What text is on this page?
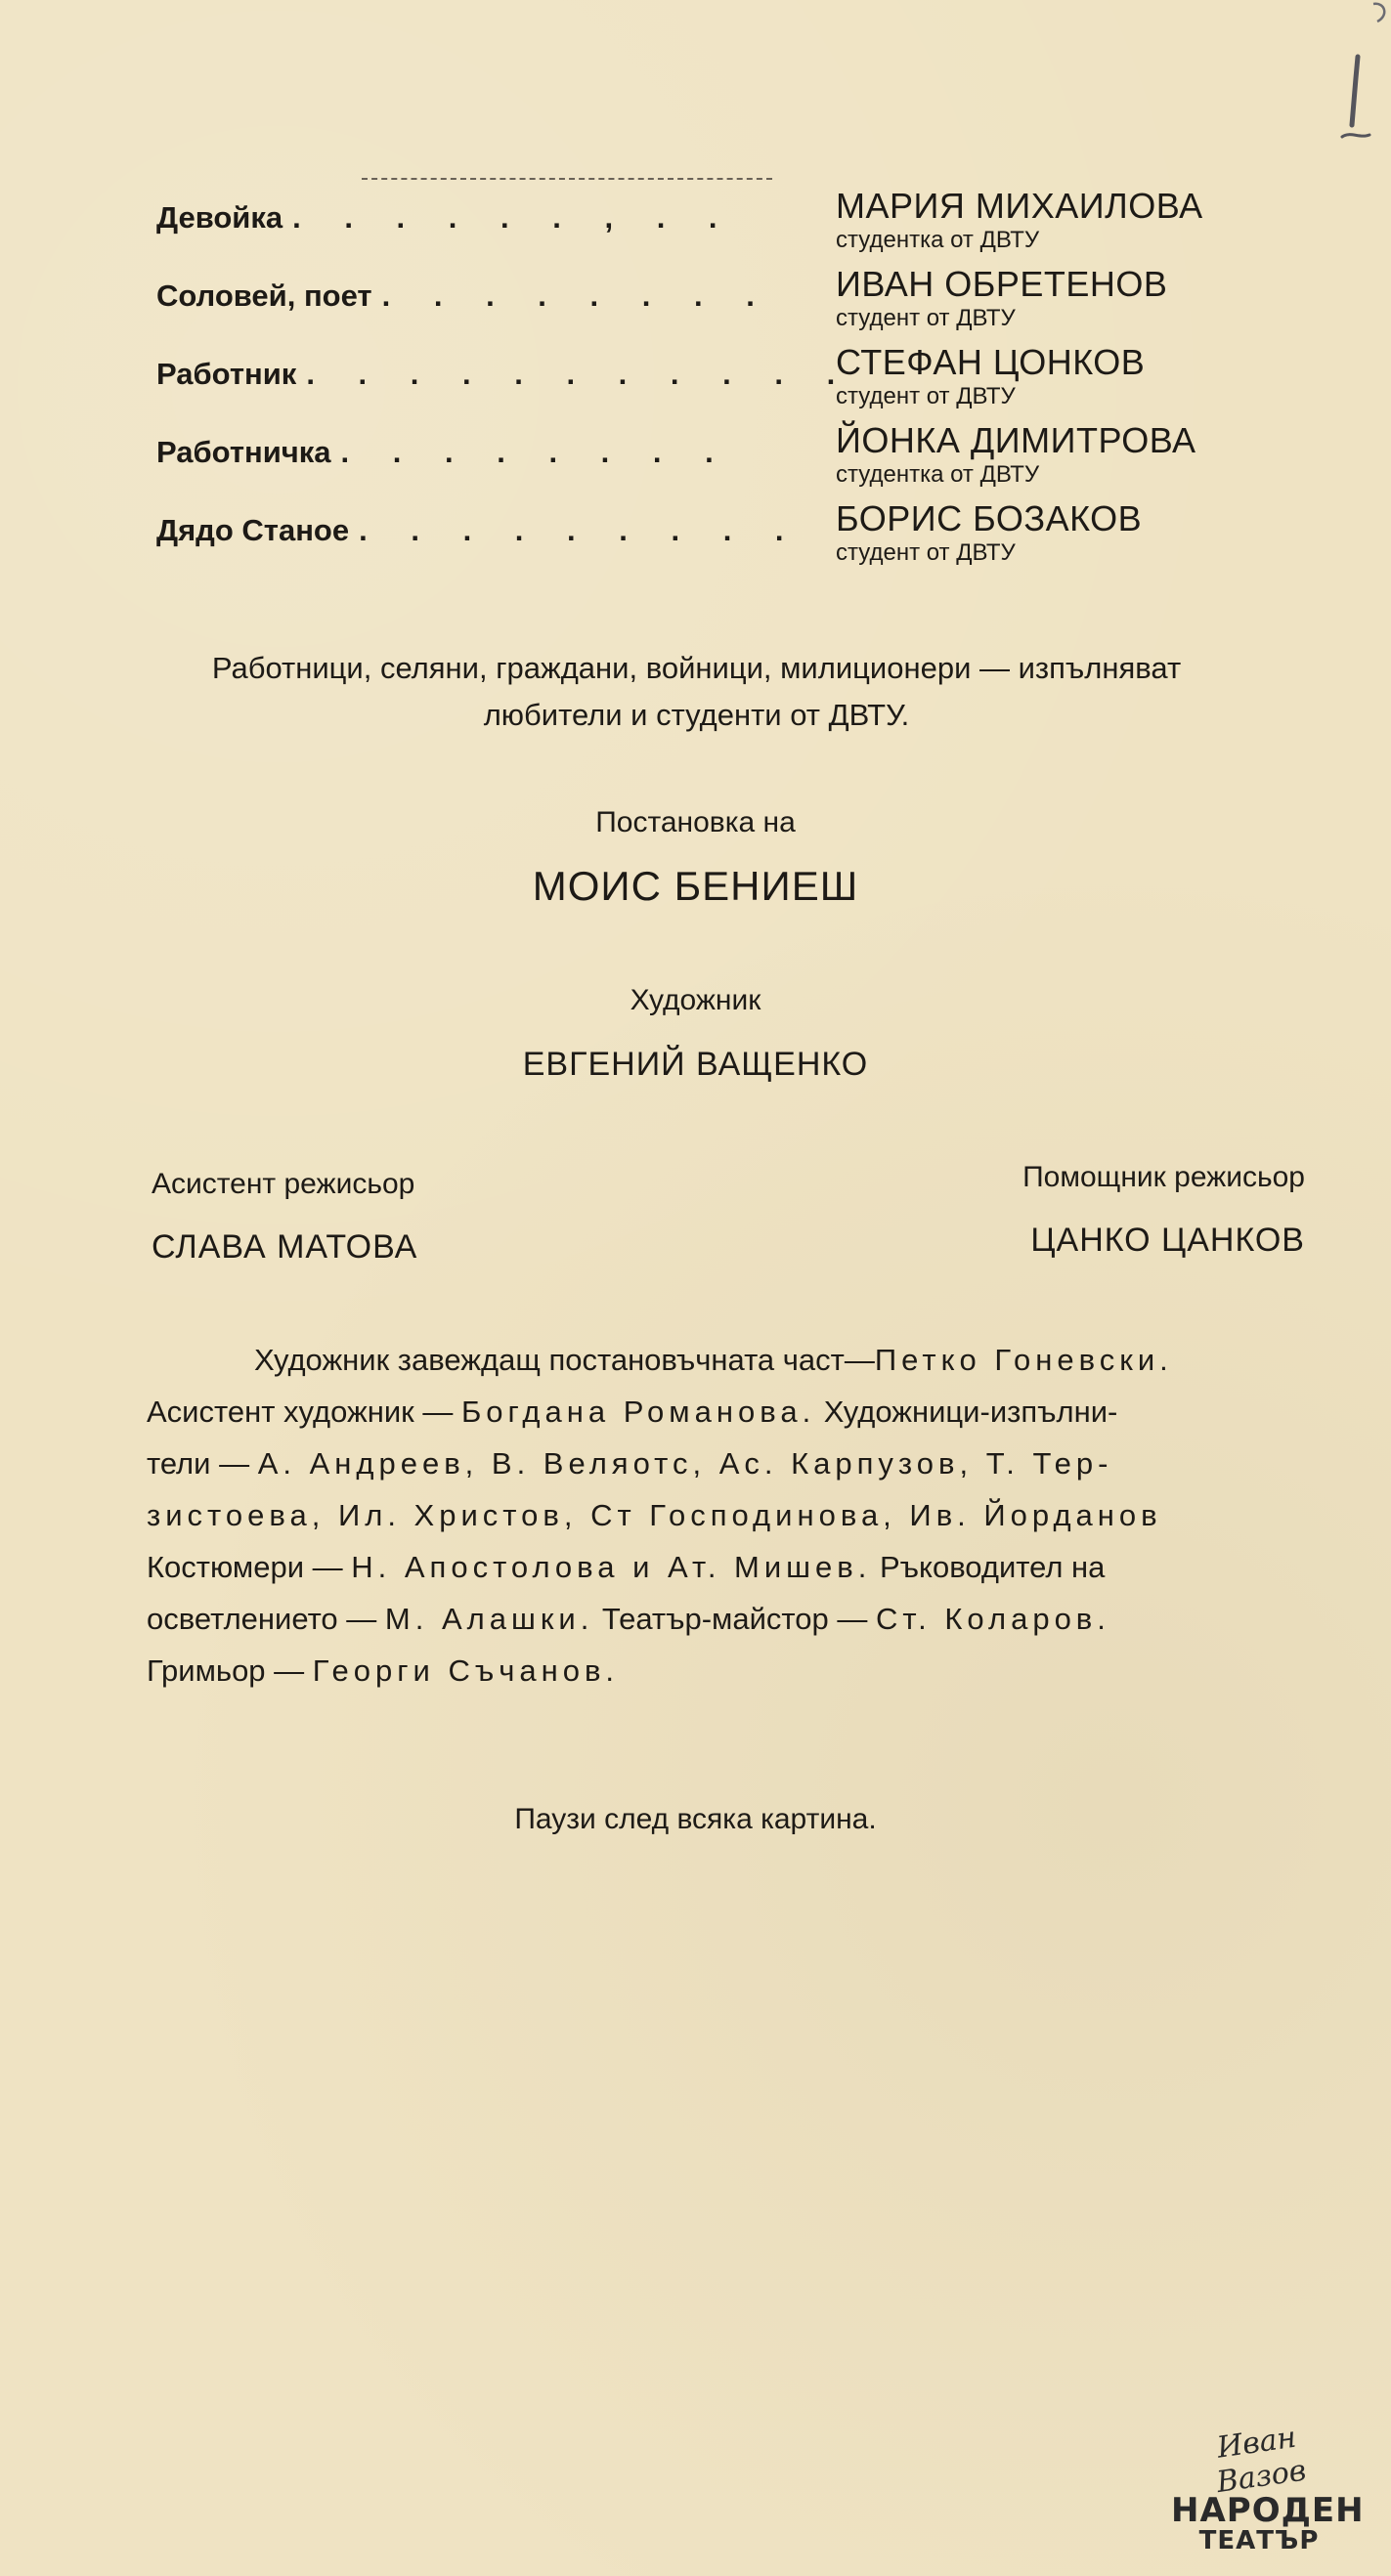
Девойка . . . . . . , . .	МАРИЯ МИХАИЛОВА
студентка от ДВТУ
Соловей, поет . . . . . . . . ИВАН ОБРЕТЕНОВ
студент от ДВТУ
Работник . . . . . . . . . . .
СТЕФАН ЦОНКОВ
студент от ДВТУ
Работничка . . . . . . . .	ЙОНКА ДИМИТРОВА
студентка от ДВТУ
Дядо Станое . . . . . . . . . БОРИС БОЗАКОВ
студент от ДВТУ
Работници, селяни, граждани, войници, милиционери — изпълняват
любители и студенти от ДВТУ.
Постановка на
МОИС БЕНИЕШ
Художник
ЕВГЕНИЙ ВАЩЕНКО
Асистент режисьор
СЛАВА МАТОВА
Помощник режисьор
ЦАНКО ЦАНКОВ

Художник завеждащ постановъчната част—Петко Гоневски.

Асистент художник — Богдана Романова. Художници-изпълни-

тели — А. Андреев, В. Веляотс, Ас. Карпузов, Т. Тер-

зистоева, Ил. Христов, Ст Господинова, Ив. Йорданов

Костюмери — Н. Апостолова и Ат. Мишев. Ръководител на

осветлението — М. Алашки. Театър-майстор — Ст. Коларов.

Гримьор — Георги Съчанов.

Паузи след всяка картина.
Иван Вазов
НАРОДЕН
ТЕАТЪР
